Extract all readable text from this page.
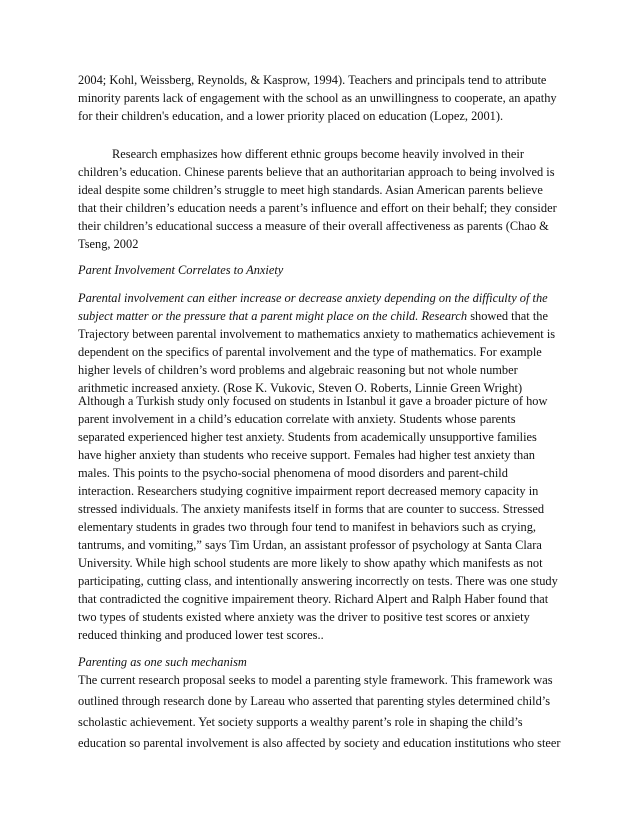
2004; Kohl, Weissberg, Reynolds, & Kasprow, 1994). Teachers and principals tend to attribute
minority parents lack of engagement with the school as an unwillingness to cooperate, an apathy
for their children's education, and a lower priority placed on education (Lopez, 2001).
Research emphasizes how different ethnic groups become heavily involved in their
children’s education. Chinese parents believe that an authoritarian approach to being involved is
ideal despite some children’s struggle to meet high standards. Asian American parents believe
that their children’s education needs a parent’s influence and effort on their behalf; they consider
their children’s educational success a measure of their overall affectiveness as parents (Chao &
Tseng, 2002
Parent Involvement Correlates to Anxiety
Parental involvement can either increase or decrease anxiety depending on the difficulty of the
subject matter or the pressure that a parent might place on the child. Research showed that the
Trajectory between parental involvement to mathematics anxiety to mathematics achievement is
dependent on the specifics of parental involvement and the type of mathematics. For example
higher levels of children’s word problems and algebraic reasoning but not whole number
arithmetic increased anxiety. (Rose K. Vukovic, Steven O. Roberts, Linnie Green Wright)
Although a Turkish study only focused on students in Istanbul it gave a broader picture of how
parent involvement in a child’s education correlate with anxiety. Students whose parents
separated experienced higher test anxiety. Students from academically unsupportive families
have higher anxiety than students who receive support. Females had higher test anxiety than
males. This points to the psycho-social phenomena of mood disorders and parent-child
interaction. Researchers studying cognitive impairment report decreased memory capacity in
stressed individuals. The anxiety manifests itself in forms that are counter to success. Stressed
elementary students in grades two through four tend to manifest in behaviors such as crying,
tantrums, and vomiting,” says Tim Urdan, an assistant professor of psychology at Santa Clara
University. While high school students are more likely to show apathy which manifests as not
participating, cutting class, and intentionally answering incorrectly on tests. There was one study
that contradicted the cognitive impairement theory. Richard Alpert and Ralph Haber found that
two types of students existed where anxiety was the driver to positive test scores or anxiety
reduced thinking and produced lower test scores..
Parenting as one such mechanism
The current research proposal seeks to model a parenting style framework. This framework was
outlined through research done by Lareau who asserted that parenting styles determined child’s
scholastic achievement. Yet society supports a wealthy parent’s role in shaping the child’s
education so parental involvement is also affected by society and education institutions who steer
